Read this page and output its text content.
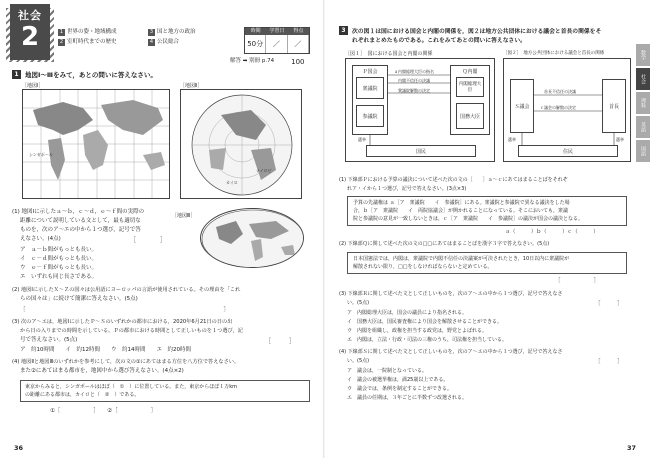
社会
2	1 世界の姿・地域構成
2 室町時代までの歴史
3 国と地方の政治
4 公民総合
時間	学習日	得点
50分	／	／100
解答 ➡ 別冊 p.74
1 地図Ⅰ～Ⅲをみて，あとの問いに答えなさい。
［地図Ⅰ］
シンガポール
［地図Ⅱ］
カイロ
ナイロビ
［地図Ⅲ］
(1) 地図Ⅰに示したａ～ｂ，ｃ～ｄ，ｅ～ｆ間の実際の
距離について説明している文として，最も適切な
ものを，次のア～エの中から１つ選び，記号で答
えなさい。(4点)
ア　ａ－ｂ間がもっとも長い。
イ　ｃ－ｄ間がもっとも長い。
ウ　ｅ－ｆ間がもっとも長い。
エ　いずれも同じ長さである。
［　　　　］
(2) 地図Ⅰに示したＸ～Ｚの国々は公用語にヨーロッパの言語が使用されている。その理由を「これ
らの国々は」に続けて簡潔に答えなさい。(5点)
［　　　　　　　　　　　　　　　　　　　　　　　　　　　　　　　　　　　　］
(3) 次のア～エは，地図Ⅰに示したＰ～Ｓのいずれかの都市における，2020年6月21日の日の出
から日の入りまでの時間を示している。Ｐの都市における時間として正しいものを１つ選び，記
号で答えなさい。(5点)	［　　　］
ア　約10時間　　イ　約12時間　　ウ　約14時間　　エ　約20時間
(4) 地図Ⅱと地図Ⅲのいずれかを参考にして，次の文の①にあてはまる方位を八方位で答えなさい。
また②にあてはまる都市を，地図中から選び答えなさい。(4点×2)
東京からみると，シンガポールはほぼ（　①　）に位置している。また，東京からほぼ１万km
の距離にある都市は，カイロと（　②　）である。
①［　　　　　　］　　②［　　　　　　］
36
3	次の図１は国における国会と内閣の関係を，図２は地方公共団体における議会と首長の関係をそ
れぞれまとめたものである。これをみてあとの問いに答えなさい。
［図１］　国における国会と内閣の関係
Ｐ国会
衆議院
参議院
Ｑ内閣
内閣総理大臣
国務大臣
国民
ａ内閣総理大臣の指名
内閣不信任の決議
衆議院解散の決定
選挙
［図２］　地方公共団体における議会と首長の関係
Ｓ議会	首長
住民
首長不信任の決議
ｃ議会の解散の決定
選挙	選挙
数学
社会
理科
英語
国語
(1) 下線部Ｐにおける予算の議決について述べた次の文の［　　］ａ～ｃにあてはまることばをそれぞ
れア・イから１つ選び，記号で答えなさい。(3点×3)
予算の先議権は ａ［ア　衆議院　　イ　参議院］にある。衆議院と参議院で異なる議決をした場
合，ｂ［ア　衆議院　　イ　両院協議会］が開かれることになっている。そこにおいても，衆議
院と参議院の意見が一致しないときは，ｃ［ア　衆議院　　イ　参議院］の議決が国会の議決となる。
ａ（　　　）ｂ（　　　）ｃ（　　　）
(2) 下線部Ｑに関して述べた次の文の□□にあてはまることばを漢字３字で答えなさい。(5点)
日本国憲法では，内閣は，衆議院で内閣不信任の決議案が可決されたとき，10日以内に衆議院が
解散されない限り，□□をしなければならないと定めている。
［　　　　　　］
(3) 下線部Ｒに関して述べた文として正しいものを，次のア～エの中から１つ選び，記号で答えなさ
い。(5点)	［　　　］
ア　内閣総理大臣は，国会の議員により指名される。
イ　国務大臣は，国民審査権により国会を解散させることができる。
ウ　内閣を組織し，政権を担当する政党は，野党とよばれる。
エ　内閣は，立法・行政・司法の三権のうち，司法権を担当している。
(4) 下線部Ｓに関して述べた文として正しいものを，次のア～エの中から１つ選び，記号で答えなさ
い。(5点)	［　　　］
ア　議会は，一院制となっている。
イ　議会の被選挙権は，満25歳以上である。
ウ　議会では，条例を制定することができる。
エ　議員の任期は，３年ごとに半数ずつ改選される。
37
